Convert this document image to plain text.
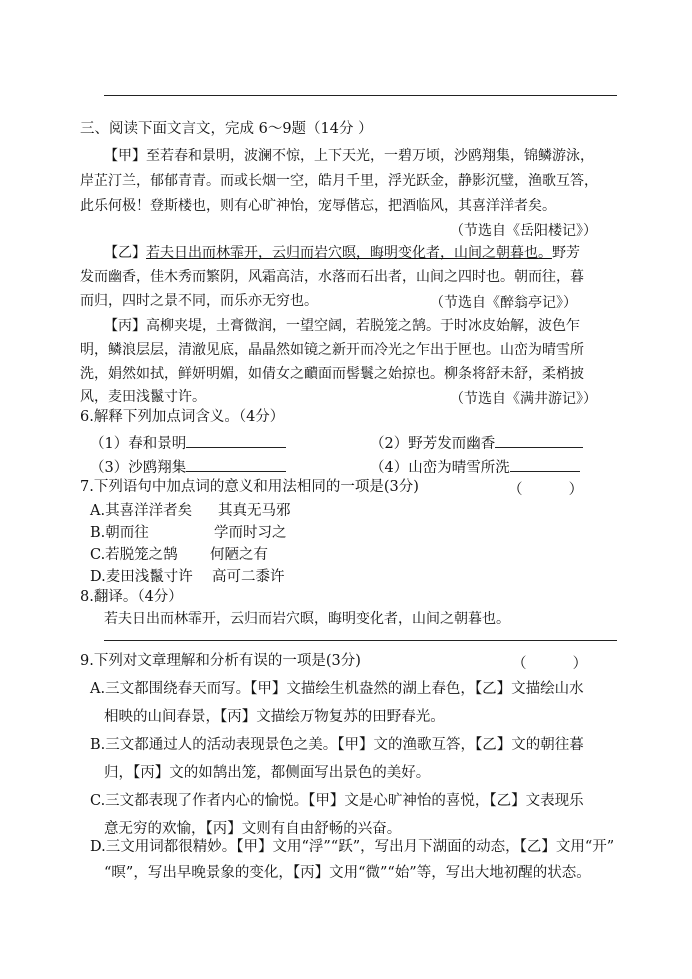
三、阅读下面文言文，完成 6～9题（14分 ）
【甲】至若春和景明，波澜不惊，上下天光，一碧万顷，沙鸥翔集，锦鳞游泳，
岸芷汀兰，郁郁青青。而或长烟一空，皓月千里，浮光跃金，静影沉璧，渔歌互答，
此乐何极！登斯楼也，则有心旷神怡，宠辱偕忘，把酒临风，其喜洋洋者矣。
（节选自《岳阳楼记》）
【乙】若夫日出而林霏开，云归而岩穴暝，晦明变化者，山间之朝暮也。野芳
发而幽香，佳木秀而繁阴，风霜高洁，水落而石出者，山间之四时也。朝而往，暮
而归，四时之景不同，而乐亦无穷也。	（节选自《醉翁亭记》）
【丙】高柳夹堤，土膏微润，一望空阔，若脱笼之鹄。于时冰皮始解，波色乍
明，鳞浪层层，清澈见底，晶晶然如镜之新开而冷光之乍出于匣也。山峦为晴雪所
洗，娟然如拭，鲜妍明媚，如倩女之靧面而髻鬟之始掠也。柳条将舒未舒，柔梢披
风，麦田浅鬣寸许。	（节选自《满井游记》）
6.解释下列加点词含义。（4分）
（1）春和景明	（2）野芳发而幽香
（3）沙鸥翔集	（4）山峦为晴雪所洗
7.下列语句中加点词的意义和用法相同的一项是(3分)	（          ）
A.其喜洋洋者矣 其真无马邪
B.朝而往	学而时习之
C.若脱笼之鹄 何陋之有
D.麦田浅鬣寸许 高可二黍许
8.翻译。（4分）
若夫日出而林霏开，云归而岩穴暝，晦明变化者，山间之朝暮也。
9.下列对文章理解和分析有误的一项是(3分)	（          ）
A.三文都围绕春天而写。【甲】文描绘生机盎然的湖上春色，【乙】文描绘山水
相映的山间春景，【丙】文描绘万物复苏的田野春光。
B.三文都通过人的活动表现景色之美。【甲】文的渔歌互答，【乙】文的朝往暮
归，【丙】文的如鹄出笼，都侧面写出景色的美好。
C.三文都表现了作者内心的愉悦。【甲】文是心旷神怡的喜悦，【乙】文表现乐
意无穷的欢愉，【丙】文则有自由舒畅的兴奋。
D.三文用词都很精妙。【甲】文用“浮”“跃”，写出月下湖面的动态，【乙】文用“开”
“暝”，写出早晚景象的变化，【丙】文用“微”“始”等，写出大地初醒的状态。
